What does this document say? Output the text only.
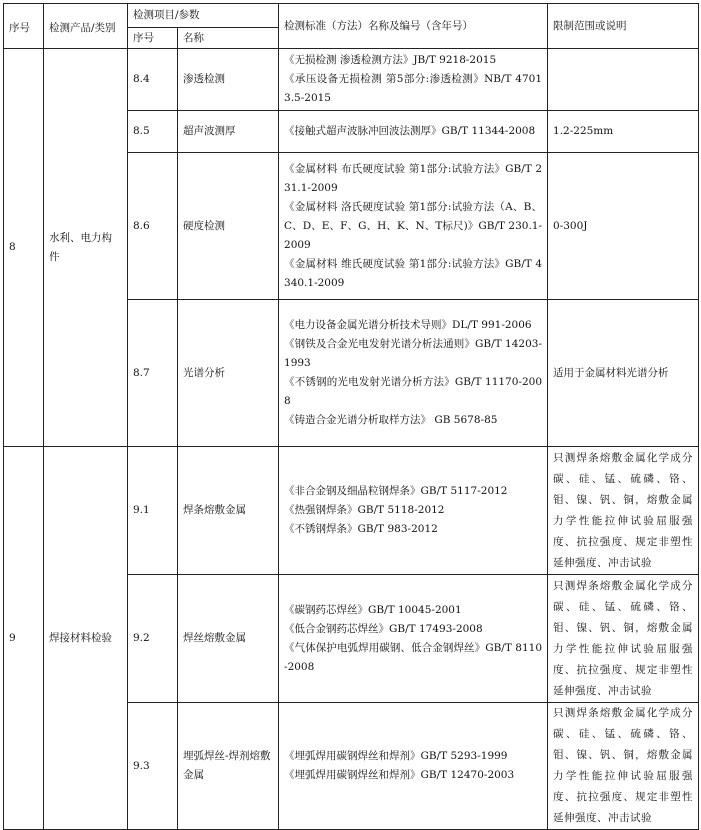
序号	检测产品/类别	检测项目/参数		检测标准（方法）名称及编号（含年号）	限制范围或说明
		序号	名称		
8	水利、电力构件	8.4	渗透检测	《无损检测 渗透检测方法》JB/T 9218-2015
《承压设备无损检测 第5部分:渗透检测》NB/T 47013.5-2015	

		8.5	超声波测厚	《接触式超声波脉冲回波法测厚》GB/T 11344-2008	1.2-225mm
		8.6	硬度检测	《金属材料 布氏硬度试验 第1部分:试验方法》GB/T 231.1-2009
《金属材料 洛氏硬度试验 第1部分:试验方法（A、B、C、D、E、F、G、H、K、N、T标尺)》GB/T 230.1-2009
《金属材料 维氏硬度试验 第1部分:试验方法》GB/T 4340.1-2009	0-300J
		8.7	光谱分析	《电力设备金属光谱分析技术导则》DL/T 991-2006
《钢铁及合金光电发射光谱分析法通则》GB/T 14203-1993
《不锈钢的光电发射光谱分析方法》GB/T 11170-2008
《铸造合金光谱分析取样方法》 GB 5678-85	适用于金属材料光谱分析
9	焊接材料检验	9.1	焊条熔敷金属	《非合金钢及细晶粒钢焊条》GB/T 5117-2012
《热强钢焊条》GB/T 5118-2012
《不锈钢焊条》GB/T 983-2012	只测焊条熔敷金属化学成分碳、硅、锰、硫磷、铬、钼、镍、钒、铜，熔敷金属力学性能拉伸试验屈服强度、抗拉强度、规定非塑性延伸强度、冲击试验
		9.2	焊丝熔敷金属	《碳钢药芯焊丝》GB/T 10045-2001
《低合金钢药芯焊丝》GB/T 17493-2008
《气体保护电弧焊用碳钢、低合金钢焊丝》GB/T 8110-2008	只测焊条熔敷金属化学成分碳、硅、锰、硫磷、铬、钼、镍、钒、铜，熔敷金属力学性能拉伸试验屈服强度、抗拉强度、规定非塑性延伸强度、冲击试验
		9.3	埋弧焊丝-焊剂熔敷金属	《埋弧焊用碳钢焊丝和焊剂》GB/T 5293-1999
《埋弧焊用碳钢焊丝和焊剂》GB/T 12470-2003	只测焊条熔敷金属化学成分碳、硅、锰、硫磷、铬、钼、镍、钒、铜，熔敷金属力学性能拉伸试验屈服强度、抗拉强度、规定非塑性延伸强度、冲击试验
